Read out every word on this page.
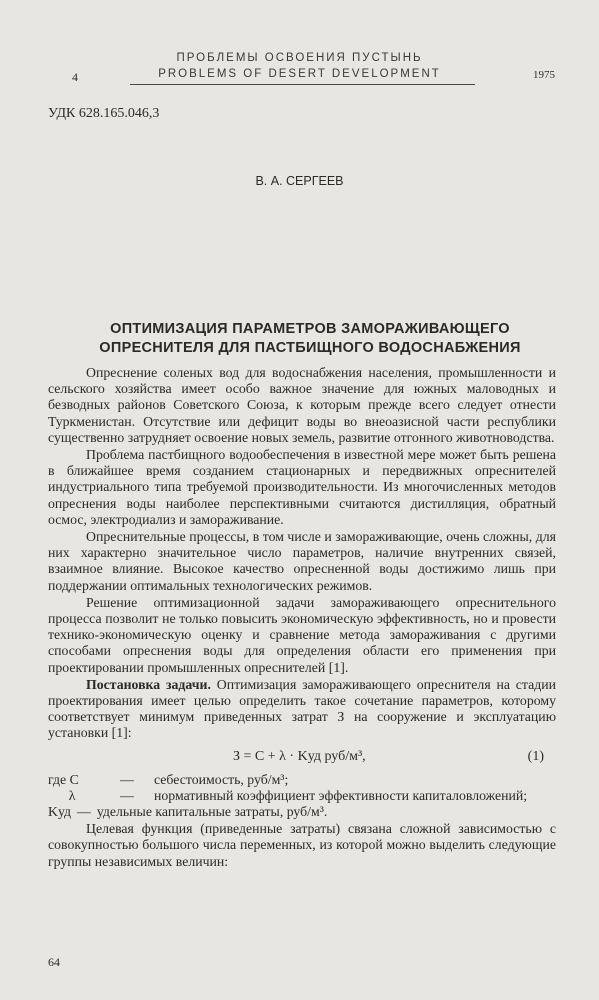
ПРОБЛЕМЫ ОСВОЕНИЯ ПУСТЫНЬ
4	PROBLEMS OF DESERT DEVELOPMENT	1975
УДК 628.165.046,3
В. А. СЕРГЕЕВ
ОПТИМИЗАЦИЯ ПАРАМЕТРОВ ЗАМОРАЖИВАЮЩЕГО
ОПРЕСНИТЕЛЯ ДЛЯ ПАСТБИЩНОГО ВОДОСНАБЖЕНИЯ

Опреснение соленых вод для водоснабжения населения, промышленности и сельского хозяйства имеет особо важное значение для южных маловодных и безводных районов Советского Союза, к которым прежде всего следует отнести Туркменистан. Отсутствие или дефицит воды во внеоазисной части республики существенно затрудняет освоение новых земель, развитие отгонного животноводства.

Проблема пастбищного водообеспечения в известной мере может быть решена в ближайшее время созданием стационарных и передвижных опреснителей индустриального типа требуемой производительности. Из многочисленных методов опреснения воды наиболее перспективными считаются дистилляция, обратный осмос, электродиализ и замораживание.

Опреснительные процессы, в том числе и замораживающие, очень сложны, для них характерно значительное число параметров, наличие внутренних связей, взаимное влияние. Высокое качество опресненной воды достижимо лишь при поддержании оптимальных технологических режимов.

Решение оптимизационной задачи замораживающего опреснительного процесса позволит не только повысить экономическую эффективность, но и провести технико-экономическую оценку и сравнение метода замораживания с другими способами опреснения воды для определения области его применения при проектировании промышленных опреснителей [1].

Постановка задачи. Оптимизация замораживающего опреснителя на стадии проектирования имеет целью определить такое сочетание параметров, которому соответствует минимум приведенных затрат З на сооружение и эксплуатацию установки [1]:

З = C + λ · Kуд руб/м³,	(1)
где C	—	себестоимость, руб/м³;
λ	—	нормативный коэффициент эффективности капиталовложений;
Kуд — удельные капитальные затраты, руб/м³.

Целевая функция (приведенные затраты) связана сложной зависимостью с совокупностью большого числа переменных, из которой можно выделить следующие группы независимых величин:

64
